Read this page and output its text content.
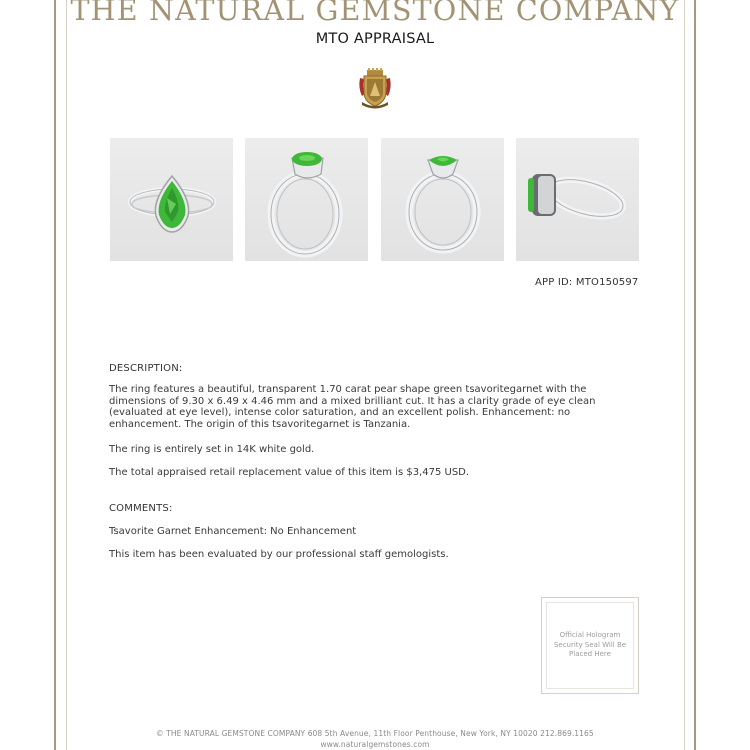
THE NATURAL GEMSTONE COMPANY
MTO APPRAISAL
APP ID: MTO150597

DESCRIPTION:

The ring features a beautiful, transparent 1.70 carat pear shape green tsavoritegarnet with the dimensions of 9.30 x 6.49 x 4.46 mm and a mixed brilliant cut. It has a clarity grade of eye clean (evaluated at eye level), intense color saturation, and an excellent polish. Enhancement: no enhancement. The origin of this tsavoritegarnet is Tanzania.

The ring is entirely set in 14K white gold.

The total appraised retail replacement value of this item is $3,475 USD.

COMMENTS:

Tsavorite Garnet Enhancement: No Enhancement

This item has been evaluated by our professional staff gemologists.

Official Hologram Security Seal Will Be Placed Here
© THE NATURAL GEMSTONE COMPANY 608 5th Avenue, 11th Floor Penthouse, New York, NY 10020 212.869.1165
www.naturalgemstones.com
